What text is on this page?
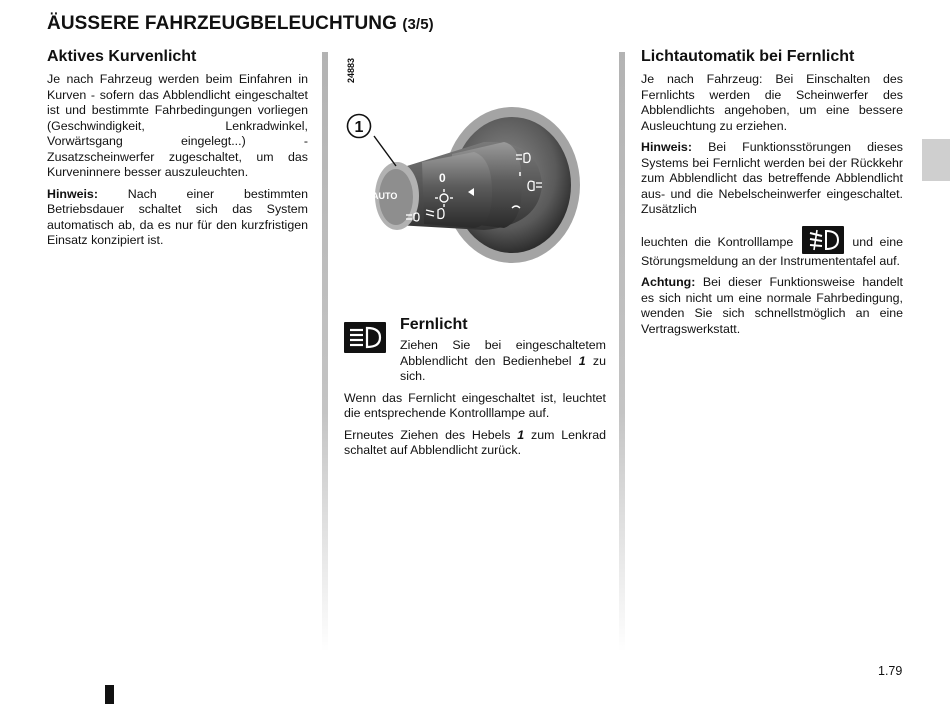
ÄUSSERE FAHRZEUGBELEUCHTUNG (3/5)
Aktives Kurvenlicht

Je nach Fahrzeug werden beim Einfahren in Kurven - sofern das Abblendlicht eingeschaltet ist und bestimmte Fahrbedingungen vorliegen (Geschwindigkeit, Lenkradwinkel, Vorwärtsgang eingelegt...) - Zusatzscheinwerfer zugeschaltet, um das Kurveninnere besser auszuleuchten.

Hinweis: Nach einer bestimmten Betriebsdauer schaltet sich das System automatisch ab, da es nur für den kurzfristigen Einsatz konzipiert ist.

24883
AUTO
0
1
Fernlicht

Ziehen Sie bei eingeschaltetem Abblendlicht den Bedienhebel 1 zu sich.

Wenn das Fernlicht eingeschaltet ist, leuchtet die entsprechende Kontrolllampe auf.

Erneutes Ziehen des Hebels 1 zum Lenkrad schaltet auf Abblendlicht zurück.

Lichtautomatik bei Fernlicht

Je nach Fahrzeug: Bei Einschalten des Fernlichts werden die Scheinwerfer des Abblendlichts angehoben, um eine bessere Ausleuchtung zu erziehen.

Hinweis: Bei Funktionsstörungen dieses Systems bei Fernlicht werden bei der Rückkehr zum Abblendlicht das betreffende Abblendlicht aus- und die Nebelscheinwerfer eingeschaltet. Zusätzlich

leuchten die Kontrolllampe	und eine Störungsmeldung an der Instrumententafel auf.

Achtung: Bei dieser Funktionsweise handelt es sich nicht um eine normale Fahrbedingung, wenden Sie sich schnellstmöglich an eine Vertragswerkstatt.

1.79
